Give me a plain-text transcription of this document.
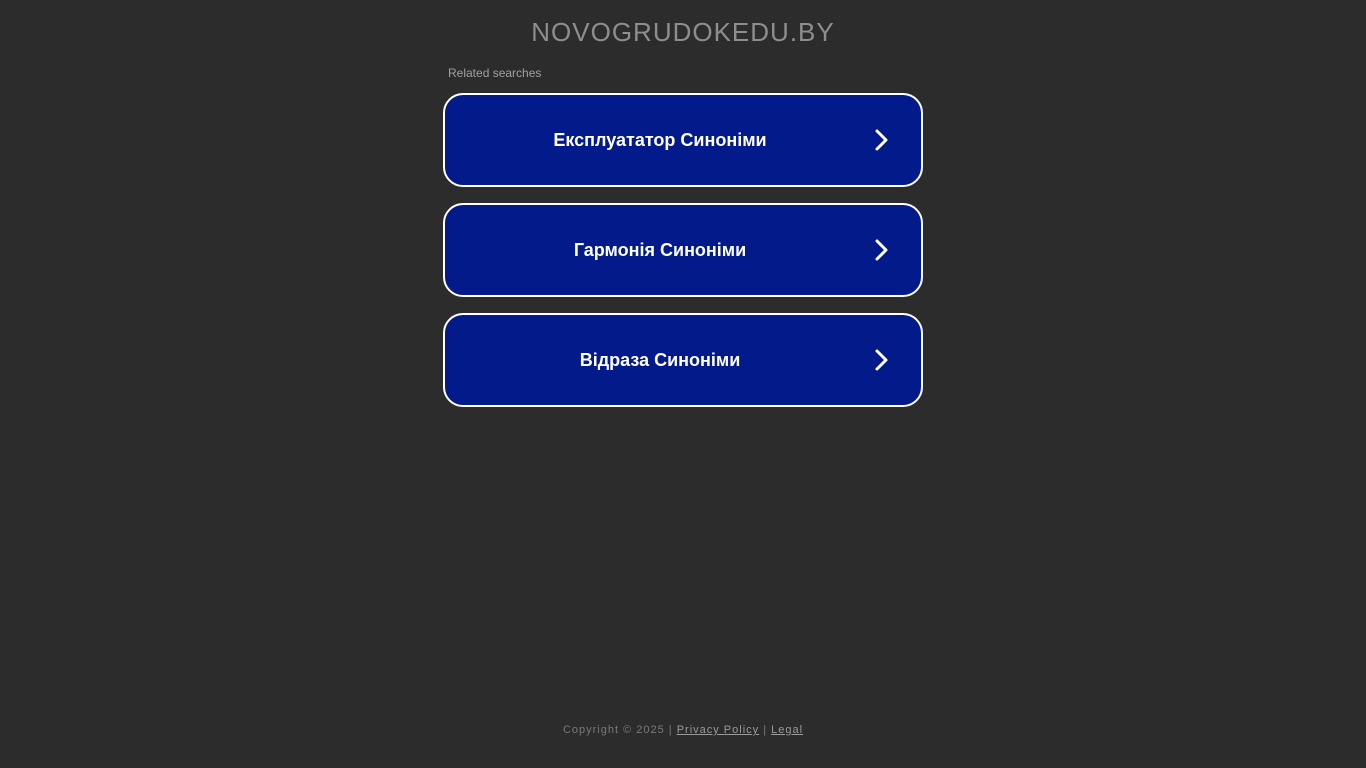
NOVOGRUDOKEDU.BY
Related searches
Експлуататор Синоніми
Гармонія Синоніми
Відраза Синоніми
Copyright © 2025 | Privacy Policy | Legal
